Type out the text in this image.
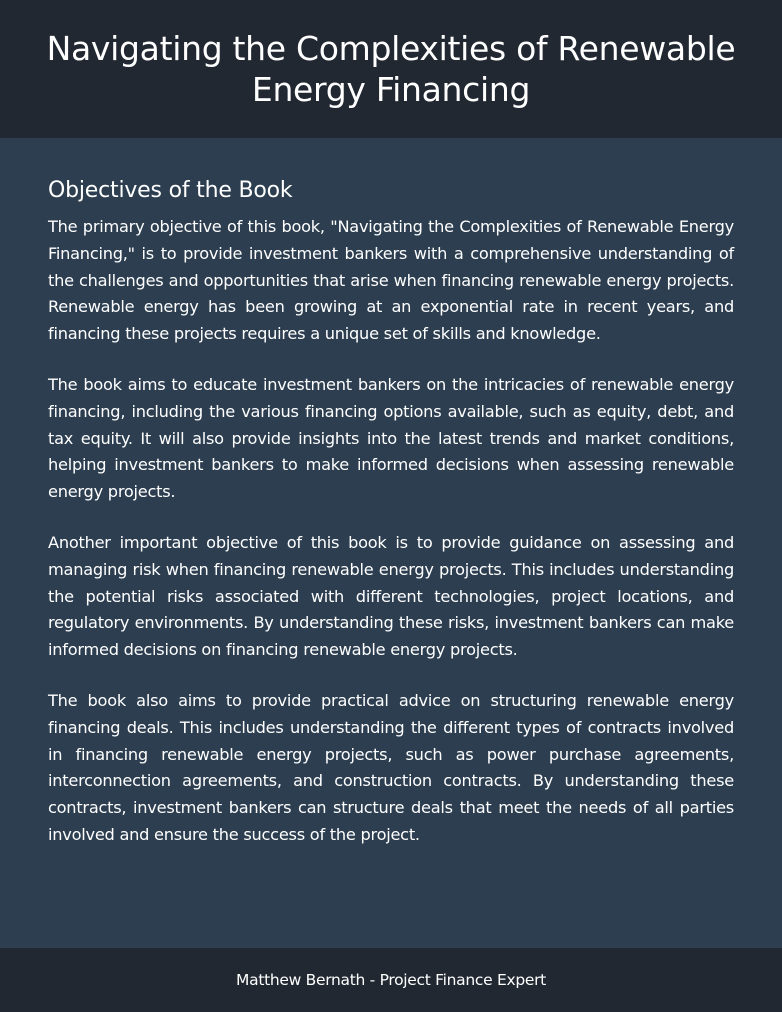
Navigating the Complexities of Renewable Energy Financing
Objectives of the Book

The primary objective of this book, "Navigating the Complexities of Renewable Energy Financing," is to provide investment bankers with a comprehensive understanding of the challenges and opportunities that arise when financing renewable energy projects. Renewable energy has been growing at an exponential rate in recent years, and financing these projects requires a unique set of skills and knowledge.

The book aims to educate investment bankers on the intricacies of renewable energy financing, including the various financing options available, such as equity, debt, and tax equity. It will also provide insights into the latest trends and market conditions, helping investment bankers to make informed decisions when assessing renewable energy projects.

Another important objective of this book is to provide guidance on assessing and managing risk when financing renewable energy projects. This includes understanding the potential risks associated with different technologies, project locations, and regulatory environments. By understanding these risks, investment bankers can make informed decisions on financing renewable energy projects.

The book also aims to provide practical advice on structuring renewable energy financing deals. This includes understanding the different types of contracts involved in financing renewable energy projects, such as power purchase agreements, interconnection agreements, and construction contracts. By understanding these contracts, investment bankers can structure deals that meet the needs of all parties involved and ensure the success of the project.

Matthew Bernath - Project Finance Expert
